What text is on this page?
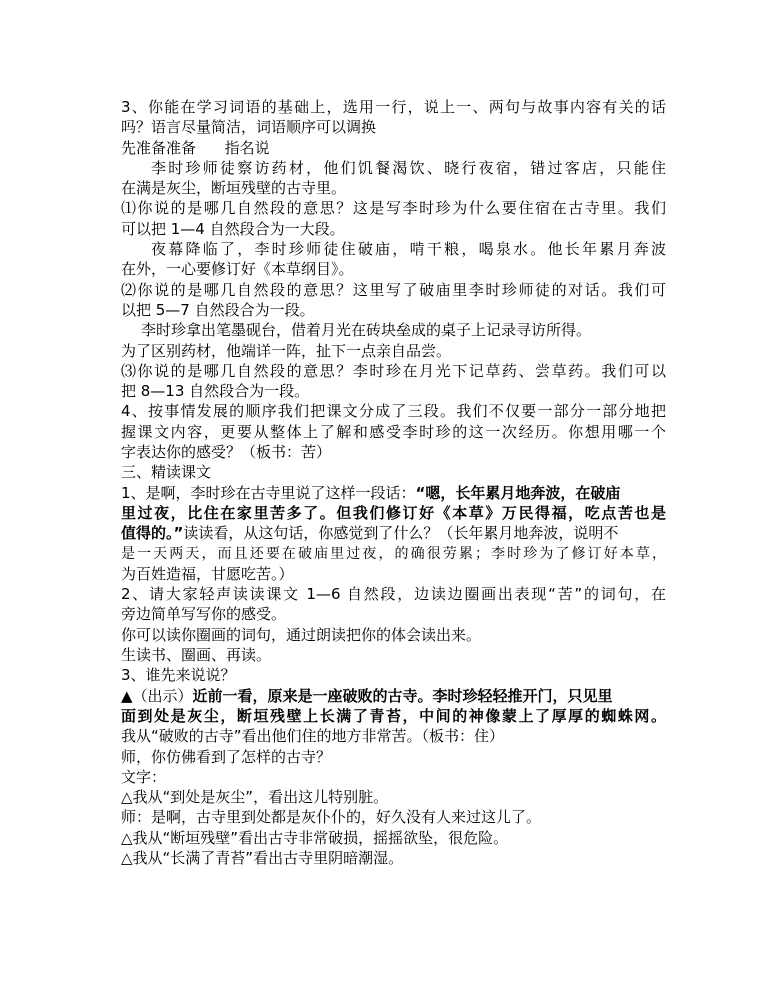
3、你能在学习词语的基础上，选用一行，说上一、两句与故事内容有关的话
吗？语言尽量简洁，词语顺序可以调换
先准备准备      指名说
李时珍师徒察访药材，他们饥餐渴饮、晓行夜宿，错过客店，只能住
在满是灰尘，断垣残壁的古寺里。
⑴你说的是哪几自然段的意思？这是写李时珍为什么要住宿在古寺里。我们
可以把 1—4 自然段合为一大段。
夜幕降临了，李时珍师徒住破庙，啃干粮，喝泉水。他长年累月奔波
在外，一心要修订好《本草纲目》。
⑵你说的是哪几自然段的意思？这里写了破庙里李时珍师徒的对话。我们可
以把 5—7 自然段合为一段。
李时珍拿出笔墨砚台，借着月光在砖块垒成的桌子上记录寻访所得。
为了区别药材，他端详一阵，扯下一点亲自品尝。
⑶你说的是哪几自然段的意思？李时珍在月光下记草药、尝草药。我们可以
把 8—13 自然段合为一段。
4、按事情发展的顺序我们把课文分成了三段。我们不仅要一部分一部分地把
握课文内容，更要从整体上了解和感受李时珍的这一次经历。你想用哪一个
字表达你的感受？（板书：苦）
三、精读课文
1、是啊，李时珍在古寺里说了这样一段话：“嗯，长年累月地奔波，在破庙
里过夜，比住在家里苦多了。但我们修订好《本草》万民得福，吃点苦也是
值得的。”读读看，从这句话，你感觉到了什么？（长年累月地奔波，说明不
是一天两天，而且还要在破庙里过夜，的确很劳累；李时珍为了修订好本草，
为百姓造福，甘愿吃苦。）
2、请大家轻声读读课文 1—6 自然段，边读边圈画出表现“苦”的词句，在
旁边简单写写你的感受。
你可以读你圈画的词句，通过朗读把你的体会读出来。
生读书、圈画、再读。
3、谁先来说说？
▲（出示）近前一看，原来是一座破败的古寺。李时珍轻轻推开门，只见里
面到处是灰尘，断垣残壁上长满了青苔，中间的神像蒙上了厚厚的蜘蛛网。
我从“破败的古寺”看出他们住的地方非常苦。（板书：住）
师，你仿佛看到了怎样的古寺？
文字：
△我从“到处是灰尘”，看出这儿特别脏。
师：是啊，古寺里到处都是灰仆仆的，好久没有人来过这儿了。
△我从“断垣残壁”看出古寺非常破损，摇摇欲坠，很危险。
△我从“长满了青苔”看出古寺里阴暗潮湿。
